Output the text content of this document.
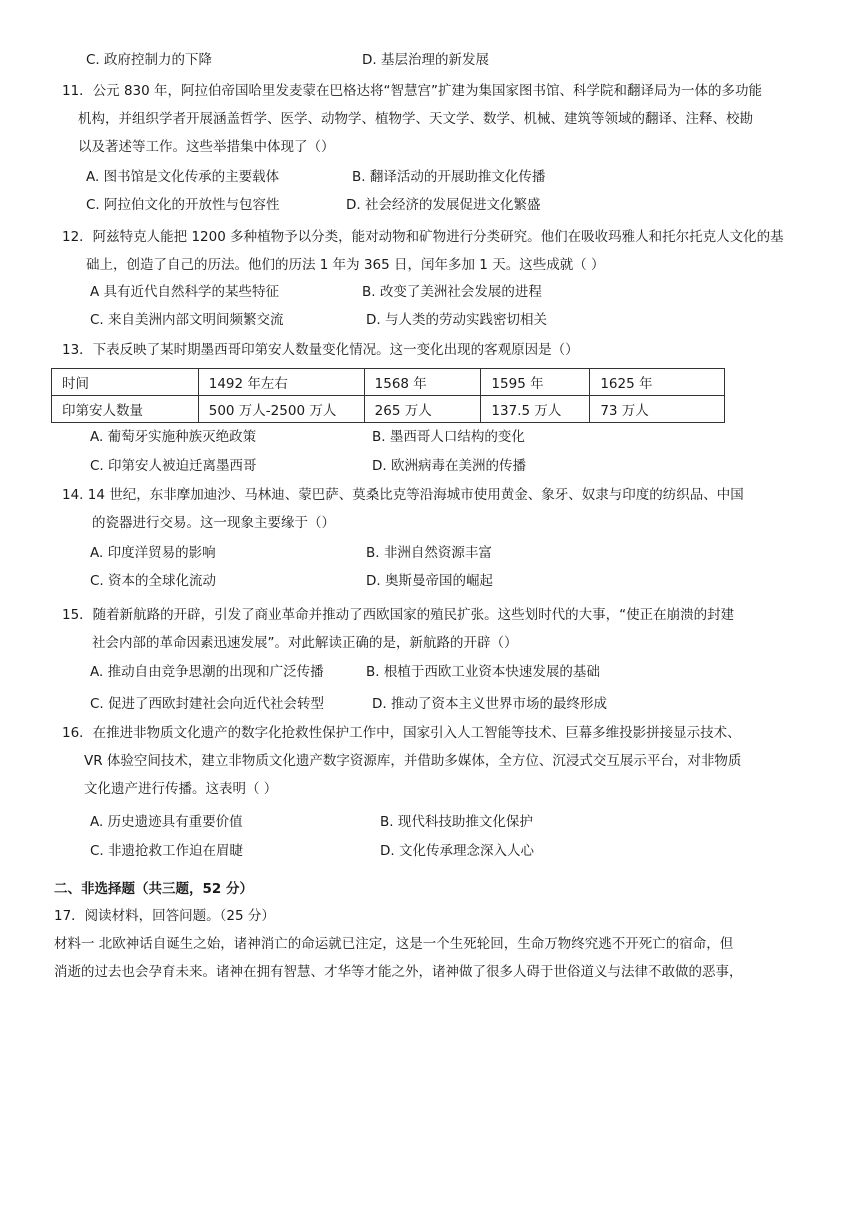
C. 政府控制力的下降	D. 基层治理的新发展
11．公元 830 年，阿拉伯帝国哈里发麦蒙在巴格达将“智慧宫”扩建为集国家图书馆、科学院和翻译局为一体的多功能
机构，并组织学者开展涵盖哲学、医学、动物学、植物学、天文学、数学、机械、建筑等领域的翻译、注释、校勘
以及著述等工作。这些举措集中体现了（）
A. 图书馆是文化传承的主要载体	B. 翻译活动的开展助推文化传播
C. 阿拉伯文化的开放性与包容性	D. 社会经济的发展促进文化繁盛
12．阿兹特克人能把 1200 多种植物予以分类，能对动物和矿物进行分类研究。他们在吸收玛雅人和托尔托克人文化的基
础上，创造了自己的历法。他们的历法 1 年为 365 日，闰年多加 1 天。这些成就（ ）
A 具有近代自然科学的某些特征	B. 改变了美洲社会发展的进程
C. 来自美洲内部文明间频繁交流	D. 与人类的劳动实践密切相关
13．下表反映了某时期墨西哥印第安人数量变化情况。这一变化出现的客观原因是（）
时间	1492 年左右	1568 年	1595 年	1625 年
印第安人数量	500 万人-2500 万人	265 万人	137.5 万人	73 万人
A. 葡萄牙实施种族灭绝政策	B. 墨西哥人口结构的变化
C. 印第安人被迫迁离墨西哥	D. 欧洲病毒在美洲的传播
14. 14 世纪，东非摩加迪沙、马林迪、蒙巴萨、莫桑比克等沿海城市使用黄金、象牙、奴隶与印度的纺织品、中国
的瓷器进行交易。这一现象主要缘于（）
A. 印度洋贸易的影响	B. 非洲自然资源丰富
C. 资本的全球化流动	D. 奥斯曼帝国的崛起
15．随着新航路的开辟，引发了商业革命并推动了西欧国家的殖民扩张。这些划时代的大事，“使正在崩溃的封建
社会内部的革命因素迅速发展”。对此解读正确的是，新航路的开辟（）
A. 推动自由竞争思潮的出现和广泛传播	B. 根植于西欧工业资本快速发展的基础
C. 促进了西欧封建社会向近代社会转型	D. 推动了资本主义世界市场的最终形成
16．在推进非物质文化遗产的数字化抢救性保护工作中，国家引入人工智能等技术、巨幕多维投影拼接显示技术、
VR 体验空间技术，建立非物质文化遗产数字资源库，并借助多媒体，全方位、沉浸式交互展示平台，对非物质
文化遗产进行传播。这表明（ ）
A. 历史遗迹具有重要价值	B. 现代科技助推文化保护
C. 非遗抢救工作迫在眉睫	D. 文化传承理念深入人心
二、非选择题（共三题，52 分）
17．阅读材料，回答问题。（25 分）
材料一 北欧神话自诞生之始，诸神消亡的命运就已注定，这是一个生死轮回，生命万物终究逃不开死亡的宿命，但
消逝的过去也会孕育未来。诸神在拥有智慧、才华等才能之外，诸神做了很多人碍于世俗道义与法律不敢做的恶事，
